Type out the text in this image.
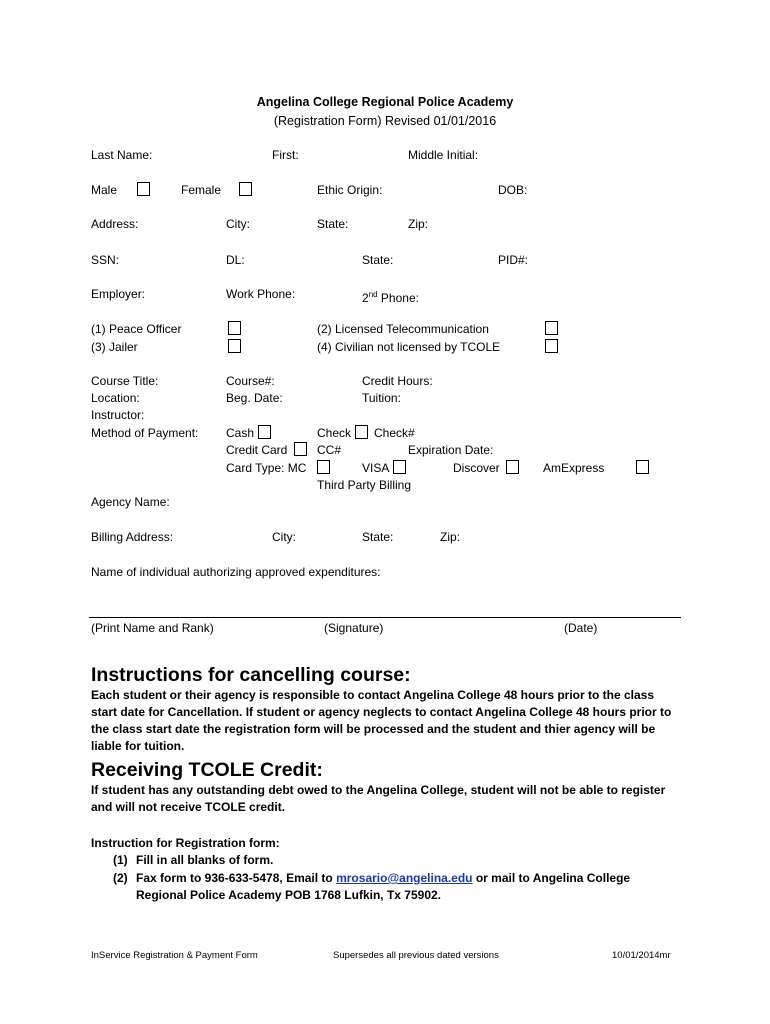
Angelina College Regional Police Academy
(Registration Form) Revised 01/01/2016
Last Name:	First:	Middle Initial:
Male	Female	Ethic Origin:	DOB:
Address:	City:	State:	Zip:
SSN:	DL:	State:	PID#:
Employer:	Work Phone:	2nd Phone:
(1) Peace Officer	(2) Licensed Telecommunication
(3) Jailer	(4) Civilian not licensed by TCOLE
Course Title:	Course#:	Credit Hours:
Location:	Beg. Date:	Tuition:
Instructor:
Method of Payment: Cash	Check Check#
Credit Card CC#	Expiration Date:
Card Type: MC	VISA	Discover	AmExpress
Third Party Billing
Agency Name:
Billing Address:	City:	State:	Zip:
Name of individual authorizing approved expenditures:
(Print Name and Rank)	(Signature)	(Date)
Instructions for cancelling course:
Each student or their agency is responsible to contact Angelina College 48 hours prior to the class start date for Cancellation. If student or agency neglects to contact Angelina College 48 hours prior to the class start date the registration form will be processed and the student and thier agency will be liable for tuition.
Receiving TCOLE Credit:
If student has any outstanding debt owed to the Angelina College, student will not be able to register and will not receive TCOLE credit.
Instruction for Registration form:
(1) Fill in all blanks of form.
(2) Fax form to 936-633-5478, Email to mrosario@angelina.edu or mail to Angelina College
Regional Police Academy POB 1768 Lufkin, Tx 75902.
InService Registration & Payment Form	Supersedes all previous dated versions	10/01/2014mr
